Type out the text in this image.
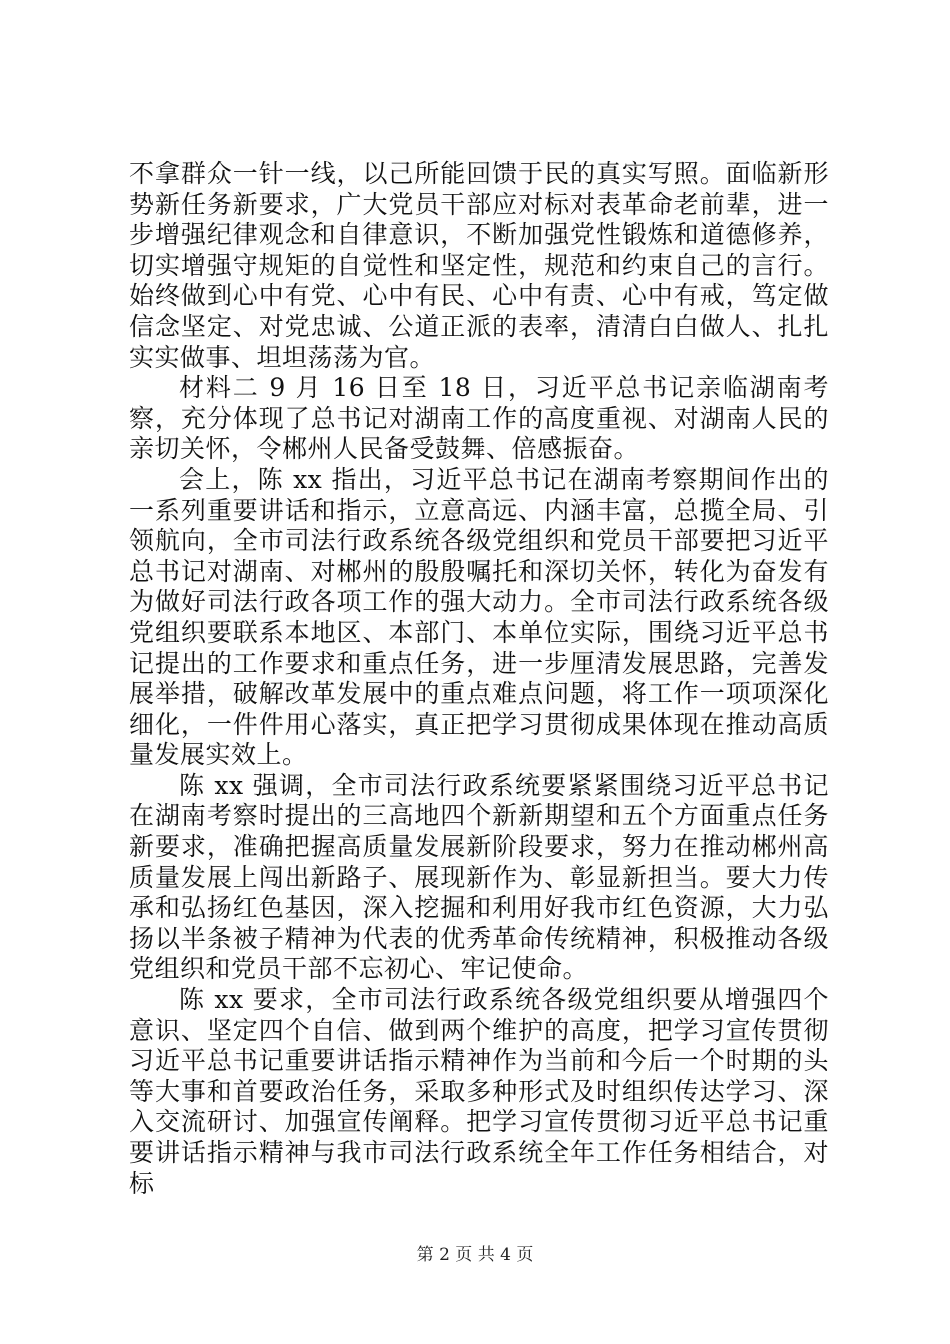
不拿群众一针一线，以己所能回馈于民的真实写照。面临新形势新任务新要求，广大党员干部应对标对表革命老前辈，进一步增强纪律观念和自律意识，不断加强党性锻炼和道德修养，切实增强守规矩的自觉性和坚定性，规范和约束自己的言行。始终做到心中有党、心中有民、心中有责、心中有戒，笃定做信念坚定、对党忠诚、公道正派的表率，清清白白做人、扎扎实实做事、坦坦荡荡为官。

材料二 9 月 16 日至 18 日，习近平总书记亲临湖南考察，充分体现了总书记对湖南工作的高度重视、对湖南人民的亲切关怀，令郴州人民备受鼓舞、倍感振奋。

会上，陈 xx 指出，习近平总书记在湖南考察期间作出的一系列重要讲话和指示，立意高远、内涵丰富，总揽全局、引领航向，全市司法行政系统各级党组织和党员干部要把习近平总书记对湖南、对郴州的殷殷嘱托和深切关怀，转化为奋发有为做好司法行政各项工作的强大动力。全市司法行政系统各级党组织要联系本地区、本部门、本单位实际，围绕习近平总书记提出的工作要求和重点任务，进一步厘清发展思路，完善发展举措，破解改革发展中的重点难点问题，将工作一项项深化细化，一件件用心落实，真正把学习贯彻成果体现在推动高质量发展实效上。

陈 xx 强调，全市司法行政系统要紧紧围绕习近平总书记在湖南考察时提出的三高地四个新新期望和五个方面重点任务新要求，准确把握高质量发展新阶段要求，努力在推动郴州高质量发展上闯出新路子、展现新作为、彰显新担当。要大力传承和弘扬红色基因，深入挖掘和利用好我市红色资源，大力弘扬以半条被子精神为代表的优秀革命传统精神，积极推动各级党组织和党员干部不忘初心、牢记使命。

陈 xx 要求，全市司法行政系统各级党组织要从增强四个意识、坚定四个自信、做到两个维护的高度，把学习宣传贯彻习近平总书记重要讲话指示精神作为当前和今后一个时期的头等大事和首要政治任务，采取多种形式及时组织传达学习、深入交流研讨、加强宣传阐释。把学习宣传贯彻习近平总书记重要讲话指示精神与我市司法行政系统全年工作任务相结合，对标

第 2 页 共 4 页
